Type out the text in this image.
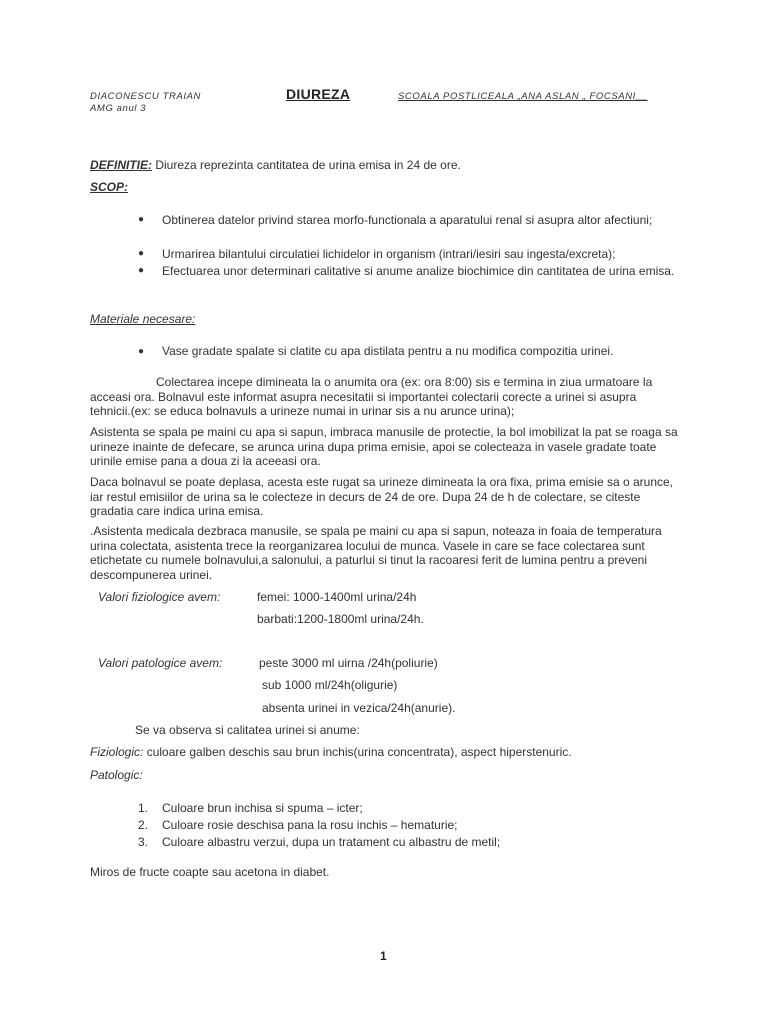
DIACONESCU TRAIAN
AMG anul 3
DIUREZA	SCOALA POSTLICEALA „ANA ASLAN „ FOCSANI__
DEFINITIE: Diureza reprezinta cantitatea de urina emisa in 24 de ore.
SCOP:
● Obtinerea datelor privind starea morfo-functionala a aparatului renal si asupra altor afectiuni;
● Urmarirea bilantului circulatiei lichidelor in organism (intrari/iesiri sau ingesta/excreta);
● Efectuarea unor determinari calitative si anume analize biochimice din cantitatea de urina emisa.
Materiale necesare:
● Vase gradate spalate si clatite cu apa distilata pentru a nu modifica compozitia urinei.
Colectarea incepe dimineata la o anumita ora (ex: ora 8:00) sis e termina in ziua urmatoare la acceasi ora. Bolnavul este informat asupra necesitatii si importantei colectarii corecte a urinei si asupra tehnicii.(ex: se educa bolnavuls a urineze numai in urinar sis a nu arunce urina);
Asistenta se spala pe maini cu apa si sapun, imbraca manusile de protectie, la bol imobilizat la pat se roaga sa urineze inainte de defecare, se arunca urina dupa prima emisie, apoi se colecteaza in vasele gradate toate urinile emise pana a doua zi la aceeasi ora.
Daca bolnavul se poate deplasa, acesta este rugat sa urineze dimineata la ora fixa, prima emisie sa o arunce, iar restul emisiilor de urina sa le colecteze in decurs de 24 de ore. Dupa 24 de h de colectare, se citeste gradatia care indica urina emisa.
.Asistenta medicala dezbraca manusile, se spala pe maini cu apa si sapun, noteaza in foaia de temperatura urina colectata, asistenta trece la reorganizarea locului de munca. Vasele in care se face colectarea sunt etichetate cu numele bolnavului,a salonului, a paturlui si tinut la racoaresi ferit de lumina pentru a preveni descompunerea urinei.
Valori fiziologice avem:	femei: 1000-1400ml urina/24h
barbati:1200-1800ml urina/24h.
Valori patologice avem:	peste 3000 ml uirna /24h(poliurie)
sub 1000 ml/24h(oligurie)
absenta urinei in vezica/24h(anurie).
Se va observa si calitatea urinei si anume:
Fiziologic: culoare galben deschis sau brun inchis(urina concentrata), aspect hiperstenuric.
Patologic:
1. Culoare brun inchisa si spuma – icter;
2. Culoare rosie deschisa pana la rosu inchis – hematurie;
3. Culoare albastru verzui, dupa un tratament cu albastru de metil;
Miros de fructe coapte sau acetona in diabet.
1
